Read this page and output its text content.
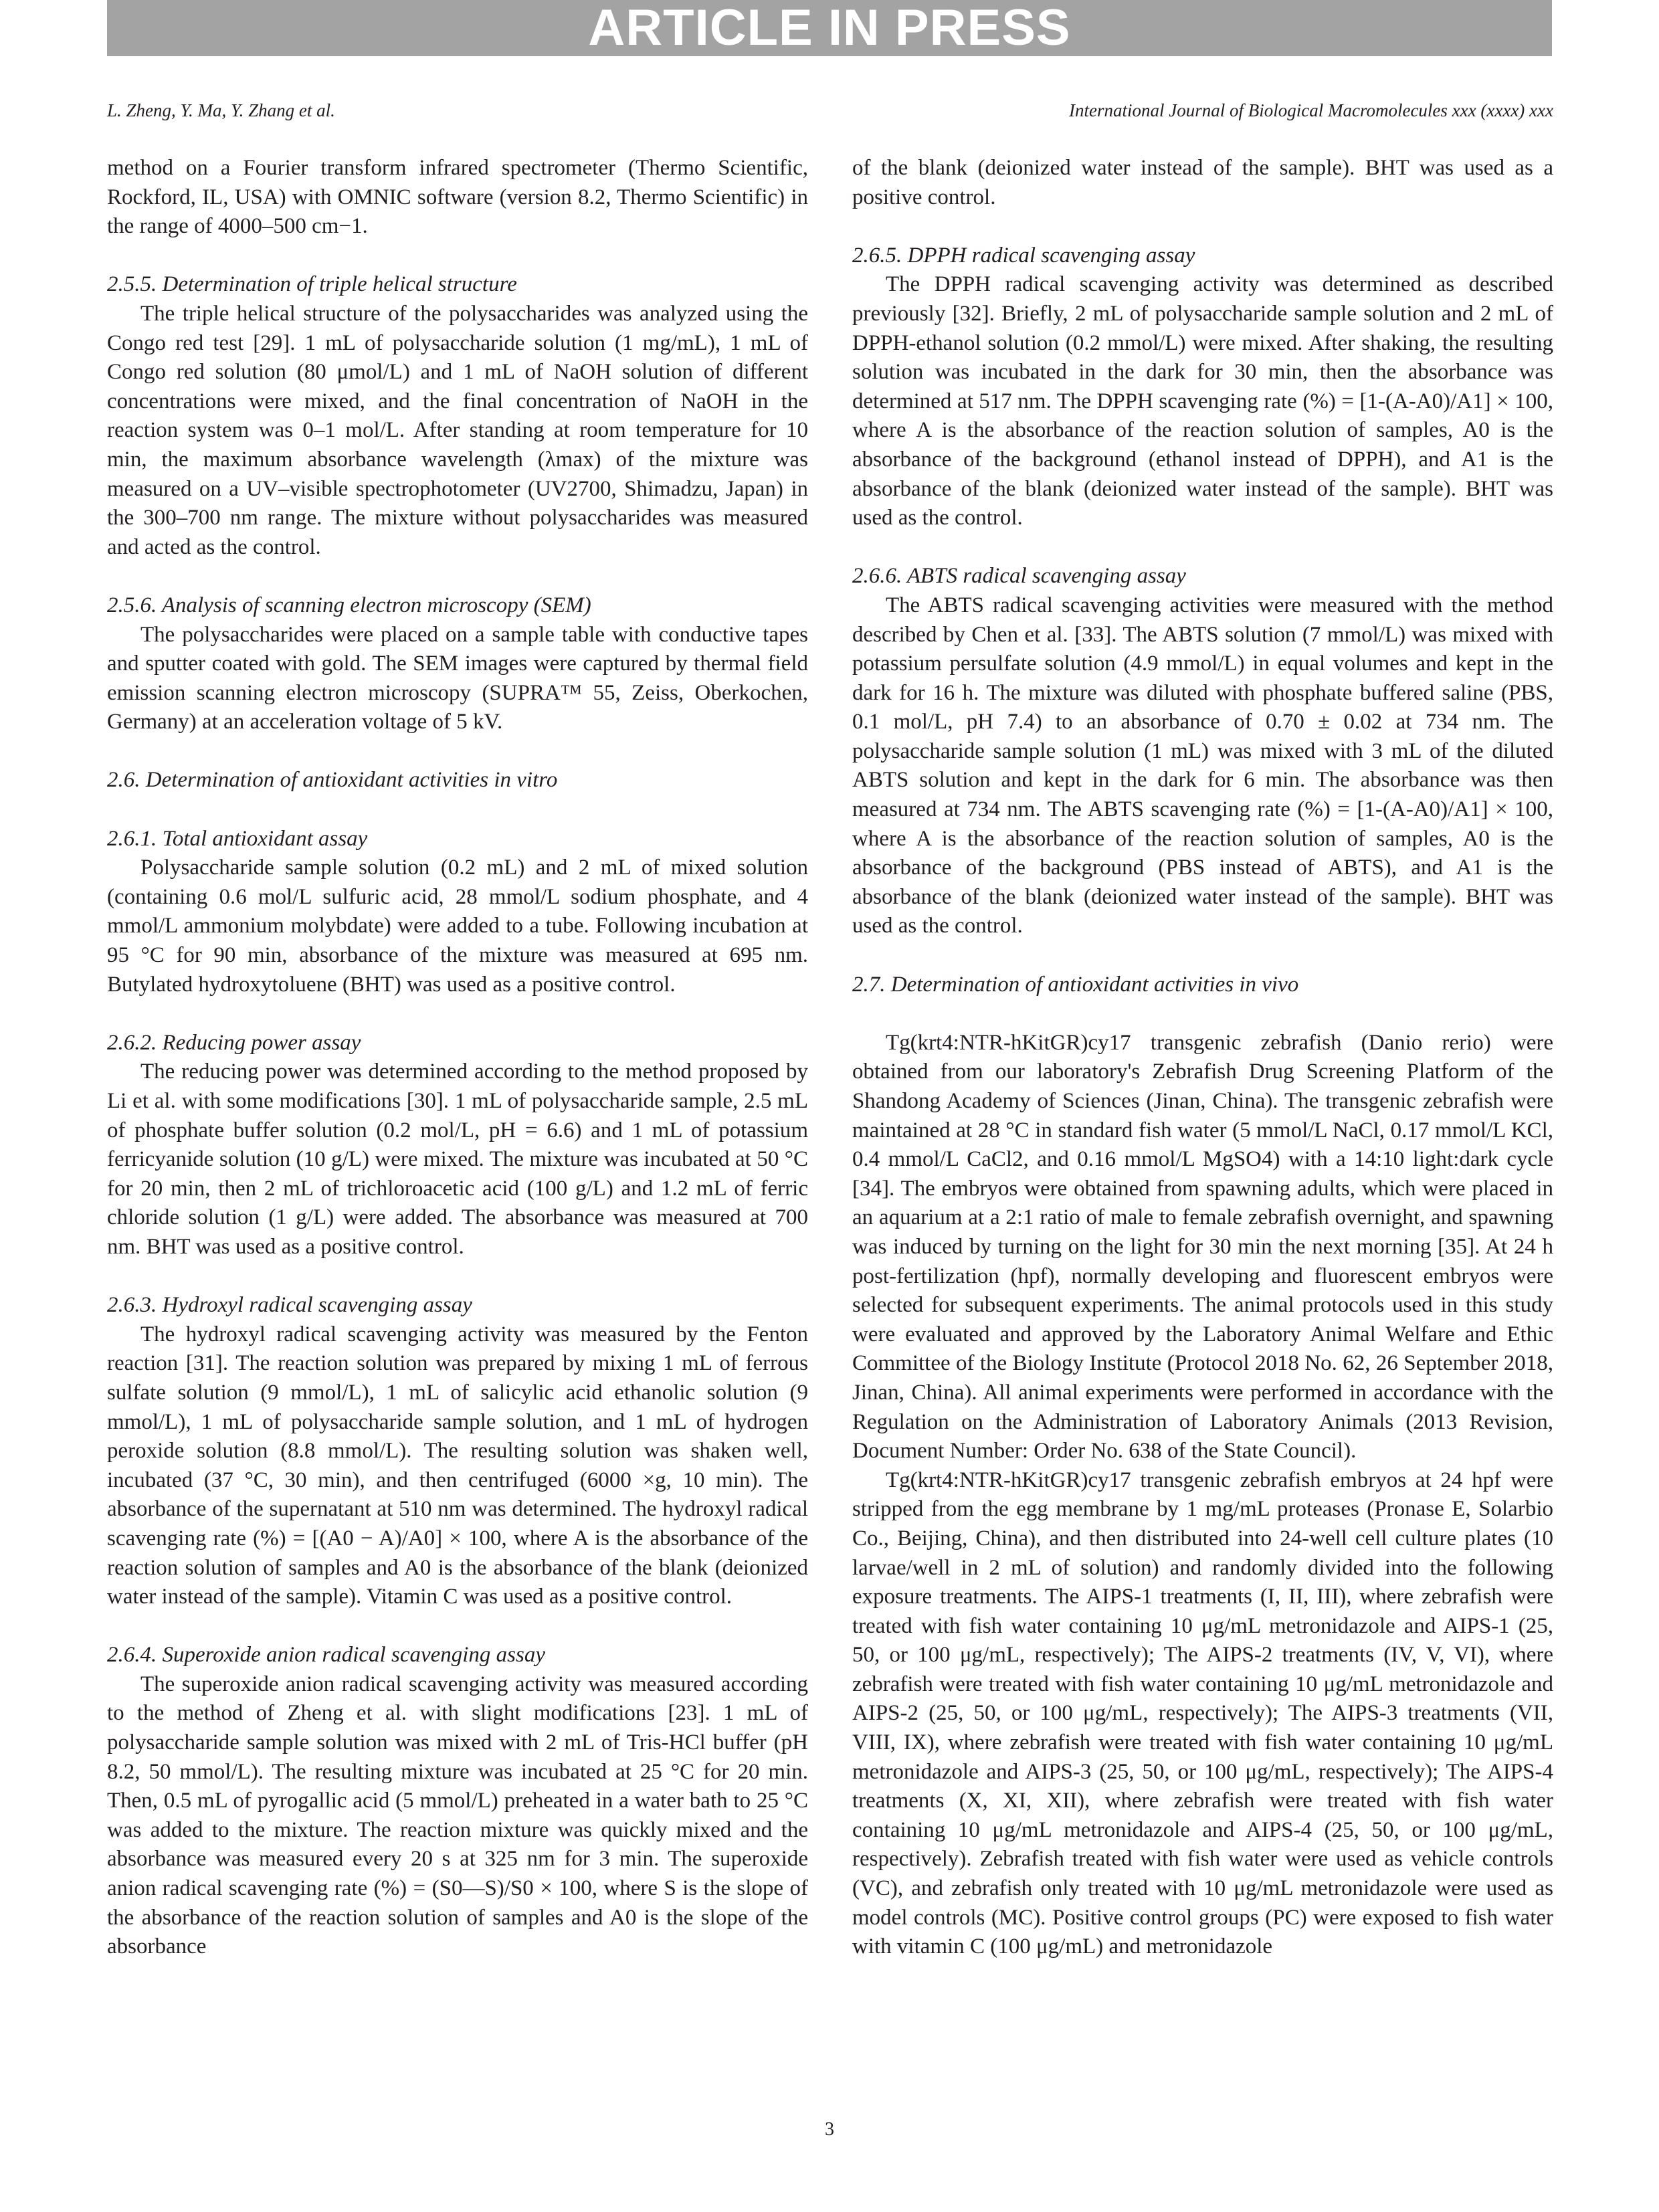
ARTICLE IN PRESS
L. Zheng, Y. Ma, Y. Zhang et al.	International Journal of Biological Macromolecules xxx (xxxx) xxx

method on a Fourier transform infrared spectrometer (Thermo Scientific, Rockford, IL, USA) with OMNIC software (version 8.2, Thermo Scientific) in the range of 4000–500 cm−1.

2.5.5. Determination of triple helical structure

The triple helical structure of the polysaccharides was analyzed using the Congo red test [29]. 1 mL of polysaccharide solution (1 mg/mL), 1 mL of Congo red solution (80 μmol/L) and 1 mL of NaOH solution of different concentrations were mixed, and the final concentration of NaOH in the reaction system was 0–1 mol/L. After standing at room temperature for 10 min, the maximum absorbance wavelength (λmax) of the mixture was measured on a UV–visible spectrophotometer (UV2700, Shimadzu, Japan) in the 300–700 nm range. The mixture without polysaccharides was measured and acted as the control.

2.5.6. Analysis of scanning electron microscopy (SEM)

The polysaccharides were placed on a sample table with conductive tapes and sputter coated with gold. The SEM images were captured by thermal field emission scanning electron microscopy (SUPRA™ 55, Zeiss, Oberkochen, Germany) at an acceleration voltage of 5 kV.

2.6. Determination of antioxidant activities in vitro
2.6.1. Total antioxidant assay

Polysaccharide sample solution (0.2 mL) and 2 mL of mixed solution (containing 0.6 mol/L sulfuric acid, 28 mmol/L sodium phosphate, and 4 mmol/L ammonium molybdate) were added to a tube. Following incubation at 95 °C for 90 min, absorbance of the mixture was measured at 695 nm. Butylated hydroxytoluene (BHT) was used as a positive control.

2.6.2. Reducing power assay

The reducing power was determined according to the method proposed by Li et al. with some modifications [30]. 1 mL of polysaccharide sample, 2.5 mL of phosphate buffer solution (0.2 mol/L, pH = 6.6) and 1 mL of potassium ferricyanide solution (10 g/L) were mixed. The mixture was incubated at 50 °C for 20 min, then 2 mL of trichloroacetic acid (100 g/L) and 1.2 mL of ferric chloride solution (1 g/L) were added. The absorbance was measured at 700 nm. BHT was used as a positive control.

2.6.3. Hydroxyl radical scavenging assay

The hydroxyl radical scavenging activity was measured by the Fenton reaction [31]. The reaction solution was prepared by mixing 1 mL of ferrous sulfate solution (9 mmol/L), 1 mL of salicylic acid ethanolic solution (9 mmol/L), 1 mL of polysaccharide sample solution, and 1 mL of hydrogen peroxide solution (8.8 mmol/L). The resulting solution was shaken well, incubated (37 °C, 30 min), and then centrifuged (6000 ×g, 10 min). The absorbance of the supernatant at 510 nm was determined. The hydroxyl radical scavenging rate (%) = [(A0 − A)/A0] × 100, where A is the absorbance of the reaction solution of samples and A0 is the absorbance of the blank (deionized water instead of the sample). Vitamin C was used as a positive control.

2.6.4. Superoxide anion radical scavenging assay

The superoxide anion radical scavenging activity was measured according to the method of Zheng et al. with slight modifications [23]. 1 mL of polysaccharide sample solution was mixed with 2 mL of Tris-HCl buffer (pH 8.2, 50 mmol/L). The resulting mixture was incubated at 25 °C for 20 min. Then, 0.5 mL of pyrogallic acid (5 mmol/L) preheated in a water bath to 25 °C was added to the mixture. The reaction mixture was quickly mixed and the absorbance was measured every 20 s at 325 nm for 3 min. The superoxide anion radical scavenging rate (%) = (S0—S)/S0 × 100, where S is the slope of the absorbance of the reaction solution of samples and A0 is the slope of the absorbance

of the blank (deionized water instead of the sample). BHT was used as a positive control.

2.6.5. DPPH radical scavenging assay

The DPPH radical scavenging activity was determined as described previously [32]. Briefly, 2 mL of polysaccharide sample solution and 2 mL of DPPH-ethanol solution (0.2 mmol/L) were mixed. After shaking, the resulting solution was incubated in the dark for 30 min, then the absorbance was determined at 517 nm. The DPPH scavenging rate (%) = [1-(A-A0)/A1] × 100, where A is the absorbance of the reaction solution of samples, A0 is the absorbance of the background (ethanol instead of DPPH), and A1 is the absorbance of the blank (deionized water instead of the sample). BHT was used as the control.

2.6.6. ABTS radical scavenging assay

The ABTS radical scavenging activities were measured with the method described by Chen et al. [33]. The ABTS solution (7 mmol/L) was mixed with potassium persulfate solution (4.9 mmol/L) in equal volumes and kept in the dark for 16 h. The mixture was diluted with phosphate buffered saline (PBS, 0.1 mol/L, pH 7.4) to an absorbance of 0.70 ± 0.02 at 734 nm. The polysaccharide sample solution (1 mL) was mixed with 3 mL of the diluted ABTS solution and kept in the dark for 6 min. The absorbance was then measured at 734 nm. The ABTS scavenging rate (%) = [1-(A-A0)/A1] × 100, where A is the absorbance of the reaction solution of samples, A0 is the absorbance of the background (PBS instead of ABTS), and A1 is the absorbance of the blank (deionized water instead of the sample). BHT was used as the control.

2.7. Determination of antioxidant activities in vivo

Tg(krt4:NTR-hKitGR)cy17 transgenic zebrafish (Danio rerio) were obtained from our laboratory's Zebrafish Drug Screening Platform of the Shandong Academy of Sciences (Jinan, China). The transgenic zebrafish were maintained at 28 °C in standard fish water (5 mmol/L NaCl, 0.17 mmol/L KCl, 0.4 mmol/L CaCl2, and 0.16 mmol/L MgSO4) with a 14:10 light:dark cycle [34]. The embryos were obtained from spawning adults, which were placed in an aquarium at a 2:1 ratio of male to female zebrafish overnight, and spawning was induced by turning on the light for 30 min the next morning [35]. At 24 h post-fertilization (hpf), normally developing and fluorescent embryos were selected for subsequent experiments. The animal protocols used in this study were evaluated and approved by the Laboratory Animal Welfare and Ethic Committee of the Biology Institute (Protocol 2018 No. 62, 26 September 2018, Jinan, China). All animal experiments were performed in accordance with the Regulation on the Administration of Laboratory Animals (2013 Revision, Document Number: Order No. 638 of the State Council).

Tg(krt4:NTR-hKitGR)cy17 transgenic zebrafish embryos at 24 hpf were stripped from the egg membrane by 1 mg/mL proteases (Pronase E, Solarbio Co., Beijing, China), and then distributed into 24-well cell culture plates (10 larvae/well in 2 mL of solution) and randomly divided into the following exposure treatments. The AIPS-1 treatments (I, II, III), where zebrafish were treated with fish water containing 10 μg/mL metronidazole and AIPS-1 (25, 50, or 100 μg/mL, respectively); The AIPS-2 treatments (IV, V, VI), where zebrafish were treated with fish water containing 10 μg/mL metronidazole and AIPS-2 (25, 50, or 100 μg/mL, respectively); The AIPS-3 treatments (VII, VIII, IX), where zebrafish were treated with fish water containing 10 μg/mL metronidazole and AIPS-3 (25, 50, or 100 μg/mL, respectively); The AIPS-4 treatments (X, XI, XII), where zebrafish were treated with fish water containing 10 μg/mL metronidazole and AIPS-4 (25, 50, or 100 μg/mL, respectively). Zebrafish treated with fish water were used as vehicle controls (VC), and zebrafish only treated with 10 μg/mL metronidazole were used as model controls (MC). Positive control groups (PC) were exposed to fish water with vitamin C (100 μg/mL) and metronidazole

3
